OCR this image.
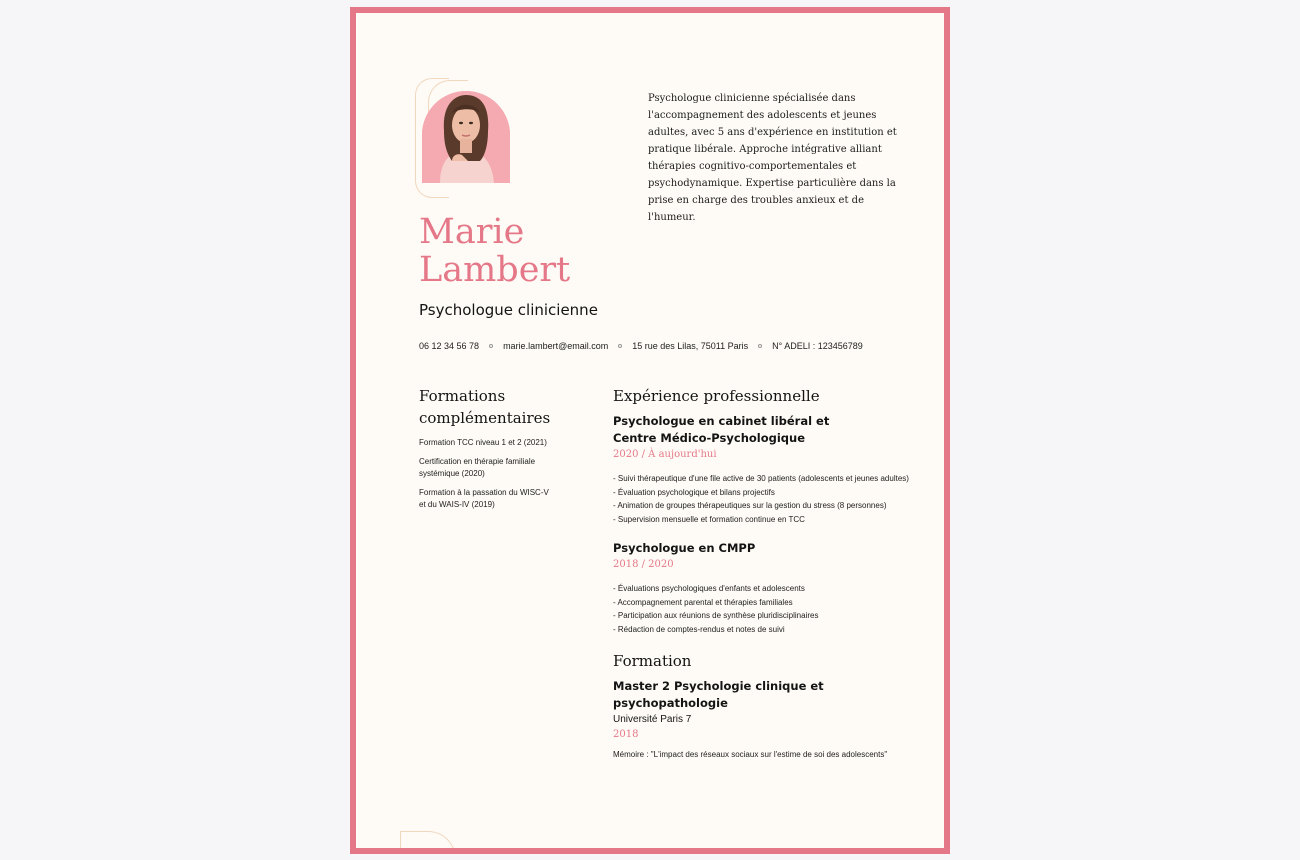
Psychologue clinicienne spécialisée dans l'accompagnement des adolescents et jeunes adultes, avec 5 ans d'expérience en institution et pratique libérale. Approche intégrative alliant thérapies cognitivo-comportementales et psychodynamique. Expertise particulière dans la prise en charge des troubles anxieux et de l'humeur.

Marie
Lambert
Psychologue clinicienne
06 12 34 56 78	marie.lambert@email.com	15 rue des Lilas, 75011 Paris	N° ADELI : 123456789
Formations complémentaires
Formation TCC niveau 1 et 2 (2021)
Certification en thérapie familiale systémique (2020)
Formation à la passation du WISC-V et du WAIS-IV (2019)
Expérience professionnelle

Psychologue en cabinet libéral et Centre Médico-Psychologique

2020 / À aujourd'hui

- Suivi thérapeutique d'une file active de 30 patients (adolescents et jeunes adultes)
- Évaluation psychologique et bilans projectifs
- Animation de groupes thérapeutiques sur la gestion du stress (8 personnes)
- Supervision mensuelle et formation continue en TCC

Psychologue en CMPP

2018 / 2020

- Évaluations psychologiques d'enfants et adolescents
- Accompagnement parental et thérapies familiales
- Participation aux réunions de synthèse pluridisciplinaires
- Rédaction de comptes-rendus et notes de suivi
Formation

Master 2 Psychologie clinique et psychopathologie

Université Paris 7

2018

Mémoire : "L'impact des réseaux sociaux sur l'estime de soi des adolescents"
